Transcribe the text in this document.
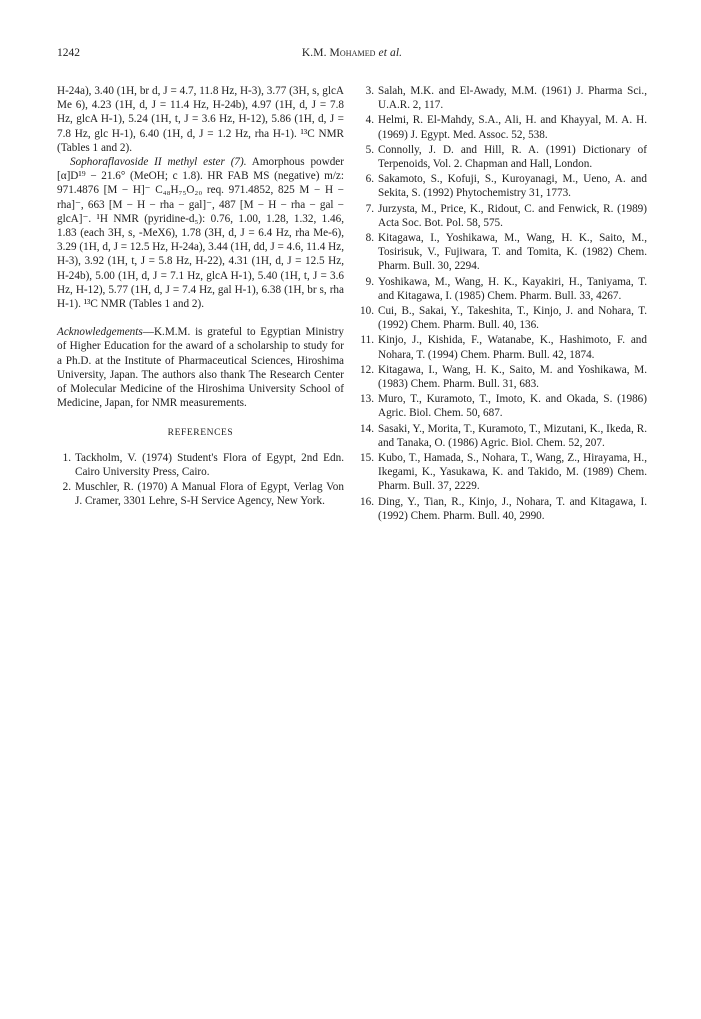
1242	K.M. Mohamed et al.

H-24a), 3.40 (1H, br d, J = 4.7, 11.8 Hz, H-3), 3.77 (3H, s, glcA Me 6), 4.23 (1H, d, J = 11.4 Hz, H-24b), 4.97 (1H, d, J = 7.8 Hz, glcA H-1), 5.24 (1H, t, J = 3.6 Hz, H-12), 5.86 (1H, d, J = 7.8 Hz, glc H-1), 6.40 (1H, d, J = 1.2 Hz, rha H-1). ¹³C NMR (Tables 1 and 2).

Sophoraflavoside II methyl ester (7). Amorphous powder [α]D¹⁹ − 21.6° (MeOH; c 1.8). HR FAB MS (negative) m/z: 971.4876 [M − H]⁻ C₄₈H₇₅O₂₀ req. 971.4852, 825 M − H − rha]⁻, 663 [M − H − rha − gal]⁻, 487 [M − H − rha − gal − glcA]⁻. ¹H NMR (pyridine-d₅): 0.76, 1.00, 1.28, 1.32, 1.46, 1.83 (each 3H, s, -MeX6), 1.78 (3H, d, J = 6.4 Hz, rha Me-6), 3.29 (1H, d, J = 12.5 Hz, H-24a), 3.44 (1H, dd, J = 4.6, 11.4 Hz, H-3), 3.92 (1H, t, J = 5.8 Hz, H-22), 4.31 (1H, d, J = 12.5 Hz, H-24b), 5.00 (1H, d, J = 7.1 Hz, glcA H-1), 5.40 (1H, t, J = 3.6 Hz, H-12), 5.77 (1H, d, J = 7.4 Hz, gal H-1), 6.38 (1H, br s, rha H-1). ¹³C NMR (Tables 1 and 2).

Acknowledgements—K.M.M. is grateful to Egyptian Ministry of Higher Education for the award of a scholarship to study for a Ph.D. at the Institute of Pharmaceutical Sciences, Hiroshima University, Japan. The authors also thank The Research Center of Molecular Medicine of the Hiroshima University School of Medicine, Japan, for NMR measurements.

REFERENCES
1. Tackholm, V. (1974) Student's Flora of Egypt, 2nd Edn. Cairo University Press, Cairo.
2. Muschler, R. (1970) A Manual Flora of Egypt, Verlag Von J. Cramer, 3301 Lehre, S-H Service Agency, New York.
3. Salah, M.K. and El-Awady, M.M. (1961) J. Pharma Sci., U.A.R. 2, 117.
4. Helmi, R. El-Mahdy, S.A., Ali, H. and Khayyal, M. A. H. (1969) J. Egypt. Med. Assoc. 52, 538.
5. Connolly, J. D. and Hill, R. A. (1991) Dictionary of Terpenoids, Vol. 2. Chapman and Hall, London.
6. Sakamoto, S., Kofuji, S., Kuroyanagi, M., Ueno, A. and Sekita, S. (1992) Phytochemistry 31, 1773.
7. Jurzysta, M., Price, K., Ridout, C. and Fenwick, R. (1989) Acta Soc. Bot. Pol. 58, 575.
8. Kitagawa, I., Yoshikawa, M., Wang, H. K., Saito, M., Tosirisuk, V., Fujiwara, T. and Tomita, K. (1982) Chem. Pharm. Bull. 30, 2294.
9. Yoshikawa, M., Wang, H. K., Kayakiri, H., Taniyama, T. and Kitagawa, I. (1985) Chem. Pharm. Bull. 33, 4267.
10. Cui, B., Sakai, Y., Takeshita, T., Kinjo, J. and Nohara, T. (1992) Chem. Pharm. Bull. 40, 136.
11. Kinjo, J., Kishida, F., Watanabe, K., Hashimoto, F. and Nohara, T. (1994) Chem. Pharm. Bull. 42, 1874.
12. Kitagawa, I., Wang, H. K., Saito, M. and Yoshikawa, M. (1983) Chem. Pharm. Bull. 31, 683.
13. Muro, T., Kuramoto, T., Imoto, K. and Okada, S. (1986) Agric. Biol. Chem. 50, 687.
14. Sasaki, Y., Morita, T., Kuramoto, T., Mizutani, K., Ikeda, R. and Tanaka, O. (1986) Agric. Biol. Chem. 52, 207.
15. Kubo, T., Hamada, S., Nohara, T., Wang, Z., Hirayama, H., Ikegami, K., Yasukawa, K. and Takido, M. (1989) Chem. Pharm. Bull. 37, 2229.
16. Ding, Y., Tian, R., Kinjo, J., Nohara, T. and Kitagawa, I. (1992) Chem. Pharm. Bull. 40, 2990.
